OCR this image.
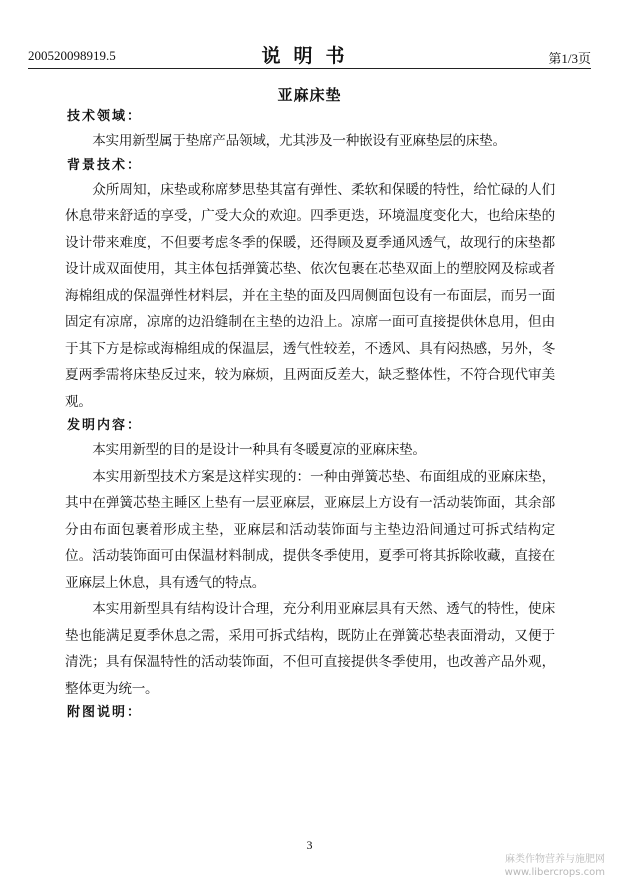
200520098919.5	说明书	第1/3页
亚麻床垫
技术领域：

本实用新型属于垫席产品领域，尤其涉及一种嵌设有亚麻垫层的床垫。

背景技术：

众所周知，床垫或称席梦思垫其富有弹性、柔软和保暖的特性，给忙碌的人们休息带来舒适的享受，广受大众的欢迎。四季更迭，环境温度变化大，也给床垫的设计带来难度，不但要考虑冬季的保暖，还得顾及夏季通风透气，故现行的床垫都设计成双面使用，其主体包括弹簧芯垫、依次包裹在芯垫双面上的塑胶网及棕或者海棉组成的保温弹性材料层，并在主垫的面及四周侧面包设有一布面层，而另一面固定有凉席，凉席的边沿缝制在主垫的边沿上。凉席一面可直接提供休息用，但由于其下方是棕或海棉组成的保温层，透气性较差，不透风、具有闷热感，另外，冬夏两季需将床垫反过来，较为麻烦，且两面反差大，缺乏整体性，不符合现代审美观。

发明内容：

本实用新型的目的是设计一种具有冬暖夏凉的亚麻床垫。

本实用新型技术方案是这样实现的：一种由弹簧芯垫、布面组成的亚麻床垫，其中在弹簧芯垫主睡区上垫有一层亚麻层，亚麻层上方设有一活动装饰面，其余部分由布面包裹着形成主垫，亚麻层和活动装饰面与主垫边沿间通过可拆式结构定位。活动装饰面可由保温材料制成，提供冬季使用，夏季可将其拆除收藏，直接在亚麻层上休息，具有透气的特点。

本实用新型具有结构设计合理，充分利用亚麻层具有天然、透气的特性，使床垫也能满足夏季休息之需，采用可拆式结构，既防止在弹簧芯垫表面滑动，又便于清洗；具有保温特性的活动装饰面，不但可直接提供冬季使用，也改善产品外观，整体更为统一。

附图说明：
3
麻类作物营养与施肥网
www.libercrops.com
